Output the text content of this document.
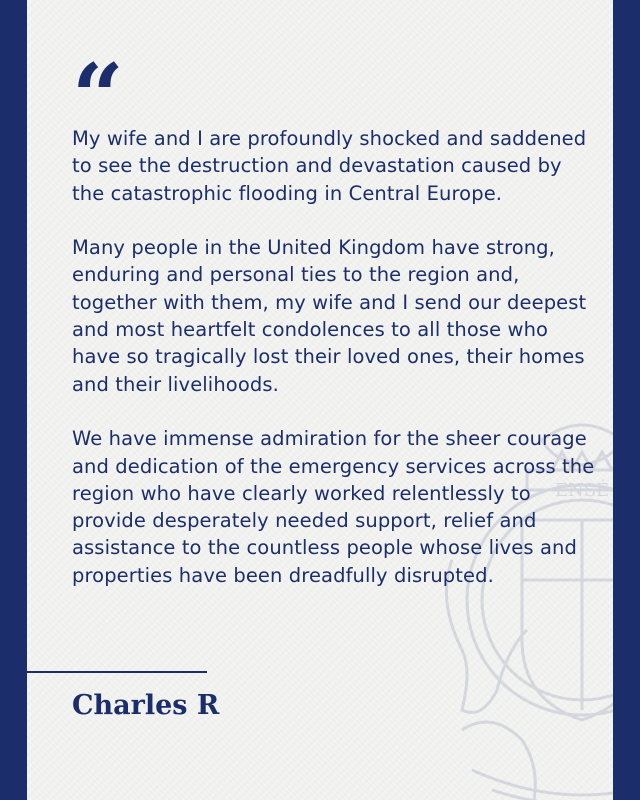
ENSÉ
“

My wife and I are profoundly shocked and saddened to see the destruction and devastation caused by the catastrophic flooding in Central Europe.

Many people in the United Kingdom have strong, enduring and personal ties to the region and, together with them, my wife and I send our deepest and most heartfelt condolences to all those who have so tragically lost their loved ones, their homes and their livelihoods.

We have immense admiration for the sheer courage and dedication of the emergency services across the region who have clearly worked relentlessly to provide desperately needed support, relief and assistance to the countless people whose lives and properties have been dreadfully disrupted.

Charles R
